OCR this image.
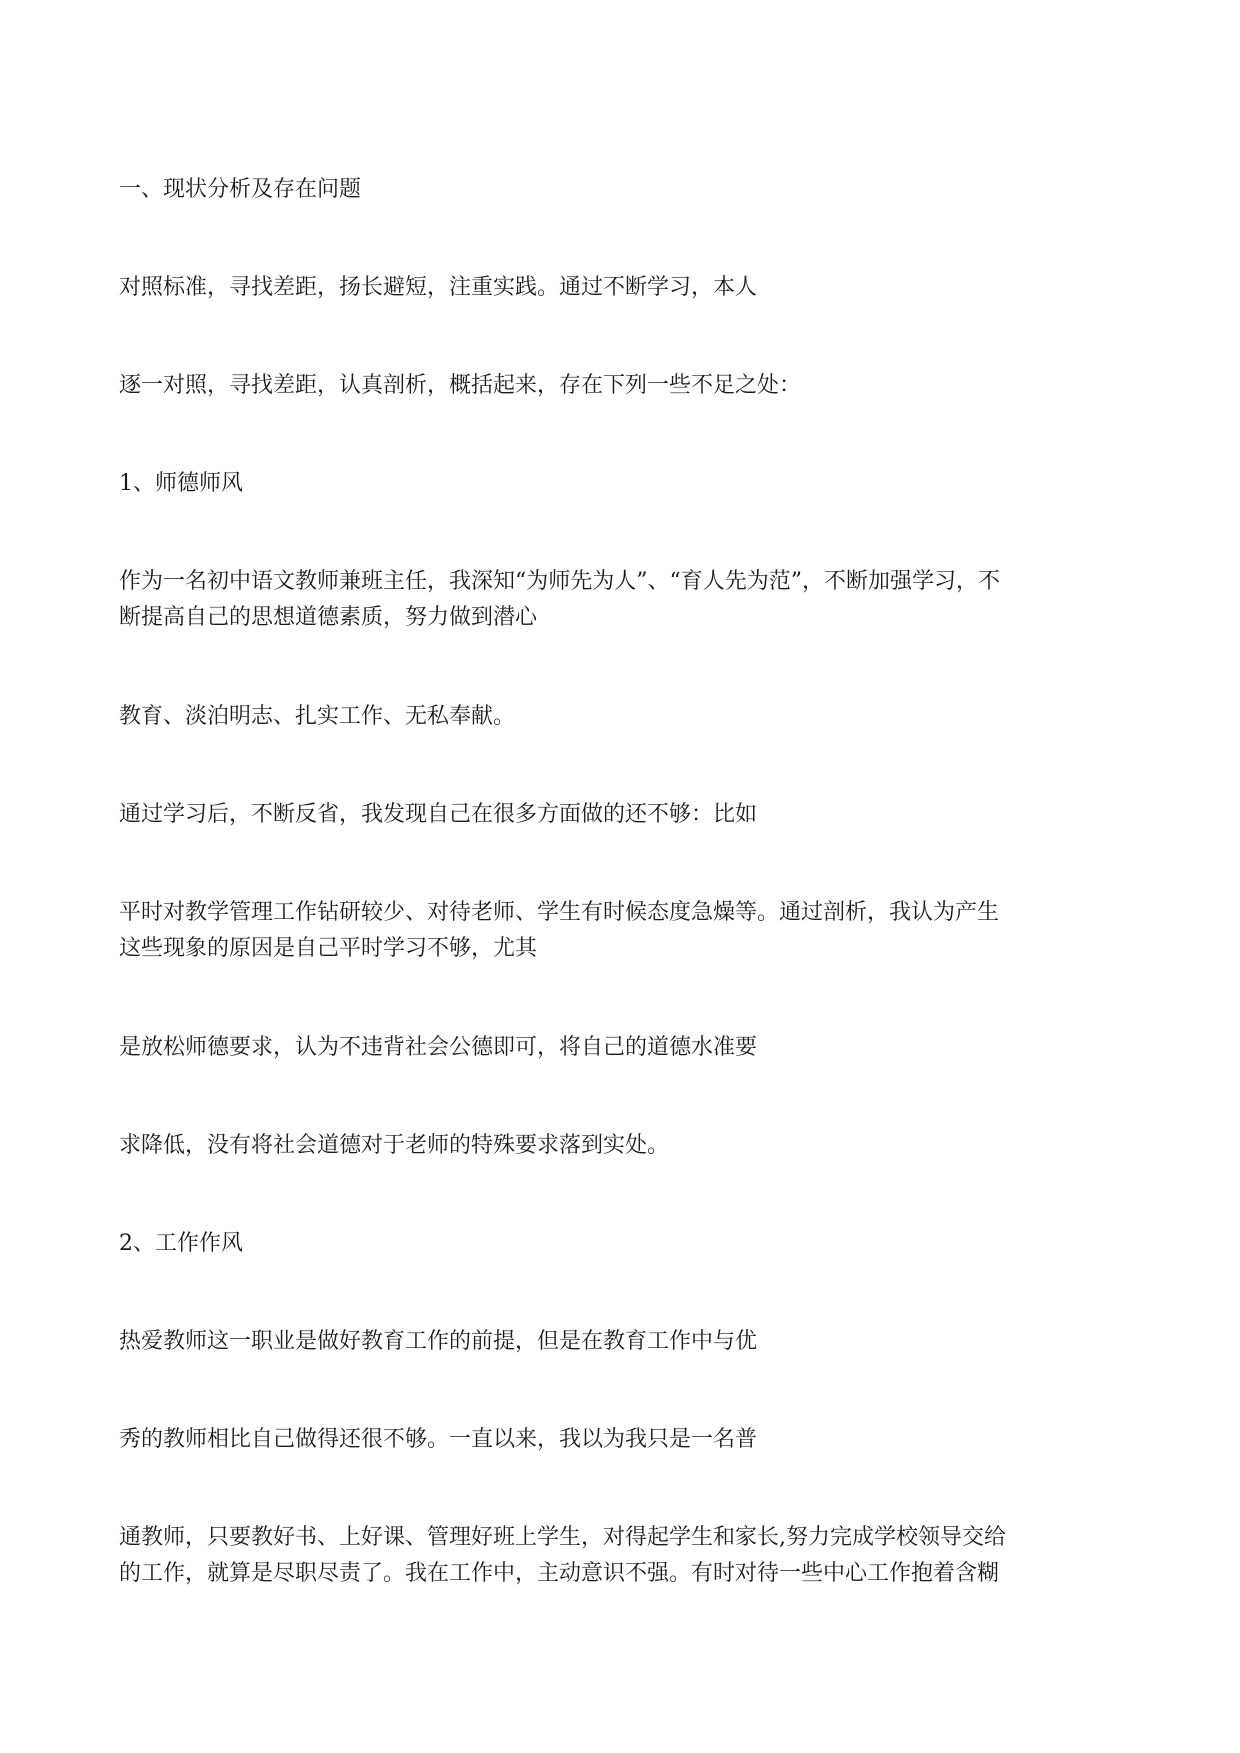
一、现状分析及存在问题

对照标准，寻找差距，扬长避短，注重实践。通过不断学习，本人

逐一对照，寻找差距，认真剖析，概括起来，存在下列一些不足之处：

1、师德师风

作为一名初中语文教师兼班主任，我深知“为师先为人”、“育人先为范”，不断加强学习，不
断提高自己的思想道德素质，努力做到潜心

教育、淡泊明志、扎实工作、无私奉献。

通过学习后，不断反省，我发现自己在很多方面做的还不够：比如

平时对教学管理工作钻研较少、对待老师、学生有时候态度急燥等。通过剖析，我认为产生
这些现象的原因是自己平时学习不够，尤其

是放松师德要求，认为不违背社会公德即可，将自己的道德水准要

求降低，没有将社会道德对于老师的特殊要求落到实处。

2、工作作风

热爱教师这一职业是做好教育工作的前提，但是在教育工作中与优

秀的教师相比自己做得还很不够。一直以来，我以为我只是一名普

通教师，只要教好书、上好课、管理好班上学生，对得起学生和家长,努力完成学校领导交给
的工作，就算是尽职尽责了。我在工作中，主动意识不强。有时对待一些中心工作抱着含糊
